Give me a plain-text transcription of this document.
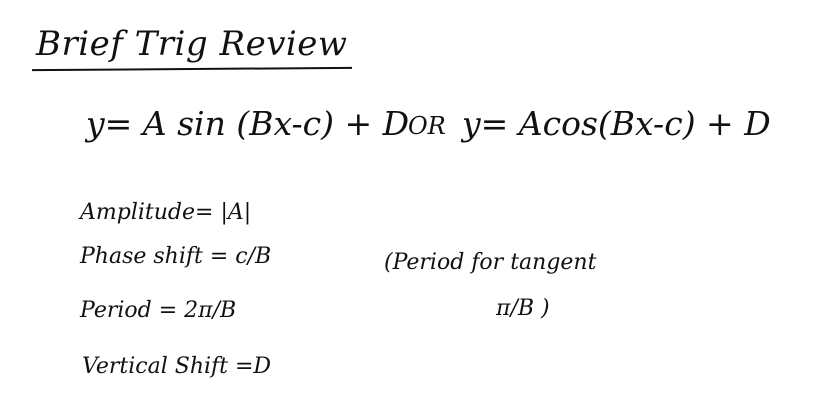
Brief Trig Review
y= A sin (Bx-c) + D
OR y= Acos(Bx-c) + D
Amplitude= |A|
Phase shift = c/B
Period = 2π/B
Vertical Shift =D
(Period for tangent
π/B )
